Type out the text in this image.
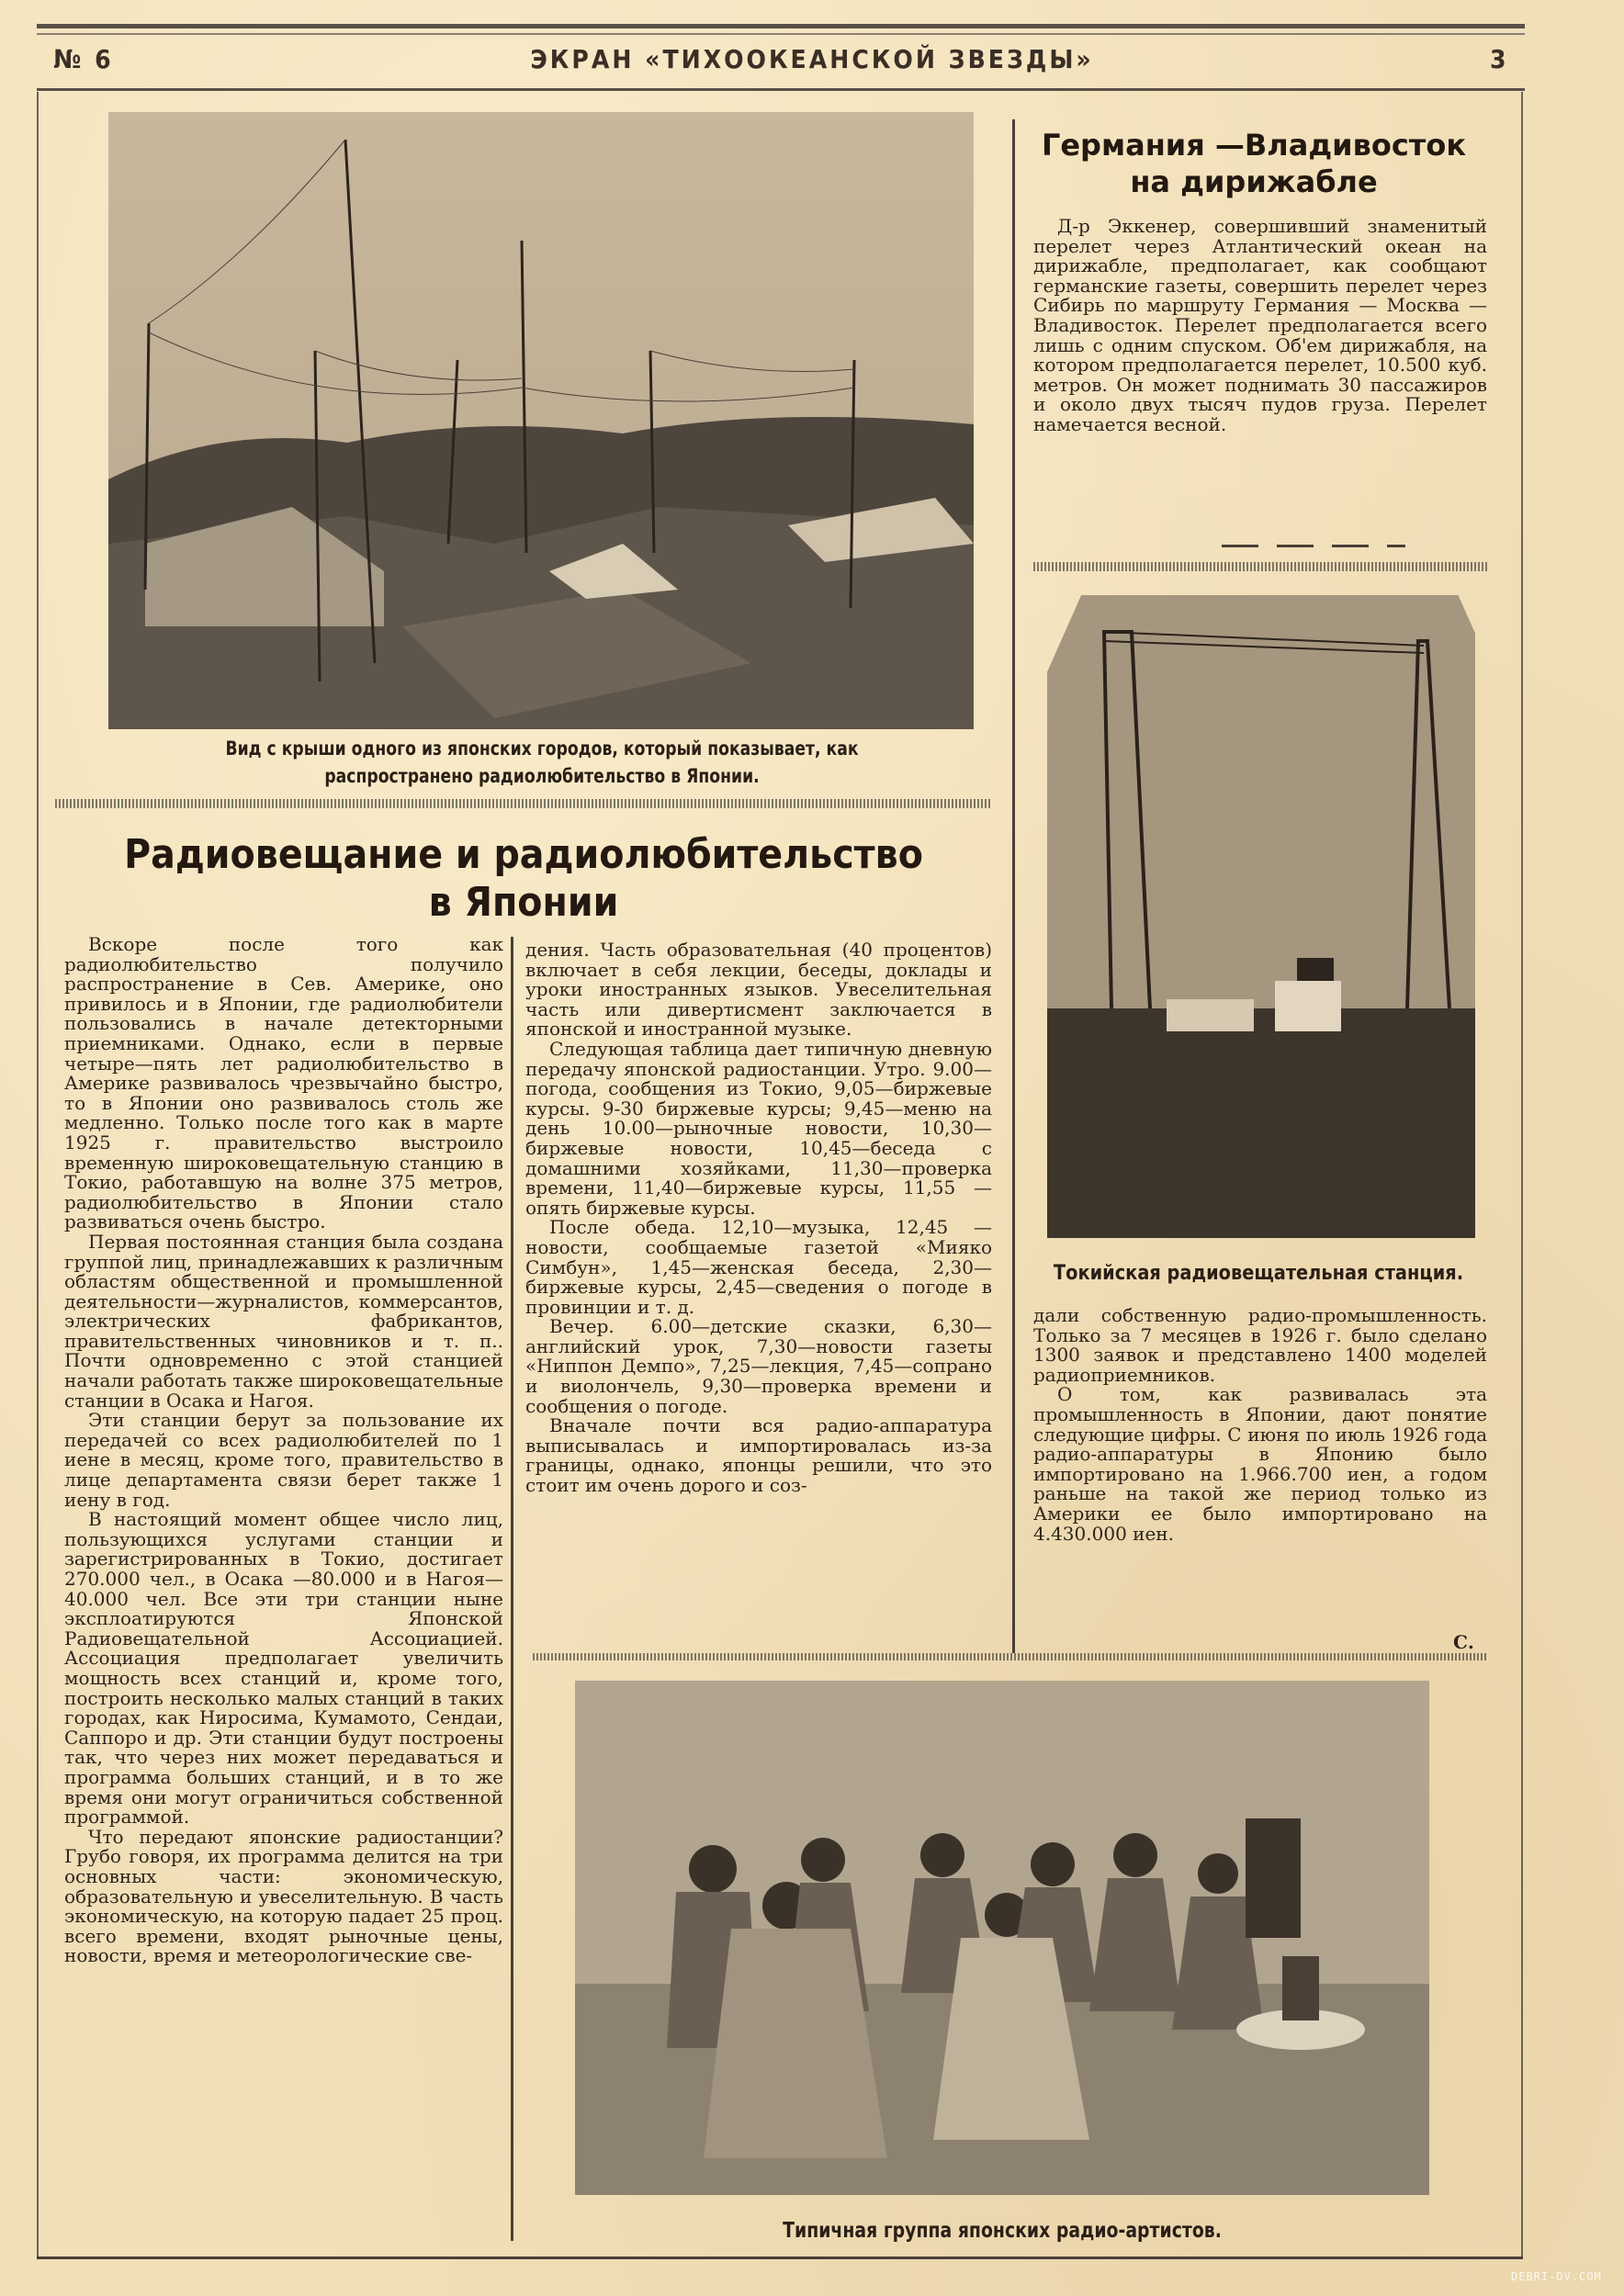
№ 6	ЭКРАН «ТИХООКЕАНСКОЙ ЗВЕЗДЫ»	3
Вид с крыши одного из японских городов, который показывает, как распространено радиолюбительство в Японии.
Радиовещание и радиолюбительство
в Японии

Вскоре после того как радиолюбительство получило распространение в Сев. Америке, оно привилось и в Японии, где радиолюбители пользовались в начале детекторными приемниками. Однако, если в первые четыре—пять лет радиолюбительство в Америке развивалось чрезвычайно быстро, то в Японии оно развивалось столь же медленно. Только после того как в марте 1925 г. правительство выстроило временную широковещательную станцию в Токио, работавшую на волне 375 метров, радиолюбительство в Японии стало развиваться очень быстро.

Первая постоянная станция была создана группой лиц, принадлежавших к различным областям общественной и промышленной деятельности—журналистов, коммерсантов, электрических фабрикантов, правительственных чиновников и т. п.. Почти одновременно с этой станцией начали работать также широковещательные станции в Осака и Нагоя.

Эти станции берут за пользование их передачей со всех радиолюбителей по 1 иене в месяц, кроме того, правительство в лице департамента связи берет также 1 иену в год.

В настоящий момент общее число лиц, пользующихся услугами станции и зарегистрированных в Токио, достигает 270.000 чел., в Осака —80.000 и в Нагоя—40.000 чел. Все эти три станции ныне эксплоатируются Японской Радиовещательной Ассоциацией. Ассоциация предполагает увеличить мощность всех станций и, кроме того, построить несколько малых станций в таких городах, как Ниросима, Кумамото, Сендаи, Саппоро и др. Эти станции будут построены так, что через них может передаваться и программа больших станций, и в то же время они могут ограничиться собственной программой.

Что передают японские радиостанции? Грубо говоря, их программа делится на три основных части: экономическую, образовательную и увеселительную. В часть экономическую, на которую падает 25 проц. всего времени, входят рыночные цены, новости, время и метеорологические све-

дения. Часть образовательная (40 процентов) включает в себя лекции, беседы, доклады и уроки иностранных языков. Увеселительная часть или дивертисмент заключается в японской и иностранной музыке.

Следующая таблица дает типичную дневную передачу японской радиостанции. Утро. 9.00—погода, сообщения из Токио, 9,05—биржевые курсы. 9-30 биржевые курсы; 9,45—меню на день 10.00—рыночные новости, 10,30—биржевые новости, 10,45—беседа с домашними хозяйками, 11,30—проверка времени, 11,40—биржевые курсы, 11,55 —опять биржевые курсы.

После обеда. 12,10—музыка, 12,45 —новости, сообщаемые газетой «Мияко Симбун», 1,45—женская беседа, 2,30—биржевые курсы, 2,45—сведения о погоде в провинции и т. д.

Вечер. 6.00—детские сказки, 6,30—английский урок, 7,30—новости газеты «Ниппон Демпо», 7,25—лекция, 7,45—сопрано и виолончель, 9,30—проверка времени и сообщения о погоде.

Вначале почти вся радио-аппаратура выписывалась и импортировалась из-за границы, однако, японцы решили, что это стоит им очень дорого и соз-

Германия —Владивосток
на дирижабле

Д-р Эккенер, совершивший знаменитый перелет через Атлантический океан на дирижабле, предполагает, как сообщают германские газеты, совершить перелет через Сибирь по маршруту Германия — Москва — Владивосток. Перелет предполагается всего лишь с одним спуском. Об'ем дирижабля, на котором предполагается перелет, 10.500 куб. метров. Он может поднимать 30 пассажиров и около двух тысяч пудов груза. Перелет намечается весной.

Токийская радиовещательная станция.

дали собственную радио-промышленность. Только за 7 месяцев в 1926 г. было сделано 1300 заявок и представлено 1400 моделей радиоприемников.

О том, как развивалась эта промышленность в Японии, дают понятие следующие цифры. С июня по июль 1926 года радио-аппаратуры в Японию было импортировано на 1.966.700 иен, а годом раньше на такой же период только из Америки ее было импортировано на 4.430.000 иен.

С.
Типичная группа японских радио-артистов.
DEBRI-DV.COM
